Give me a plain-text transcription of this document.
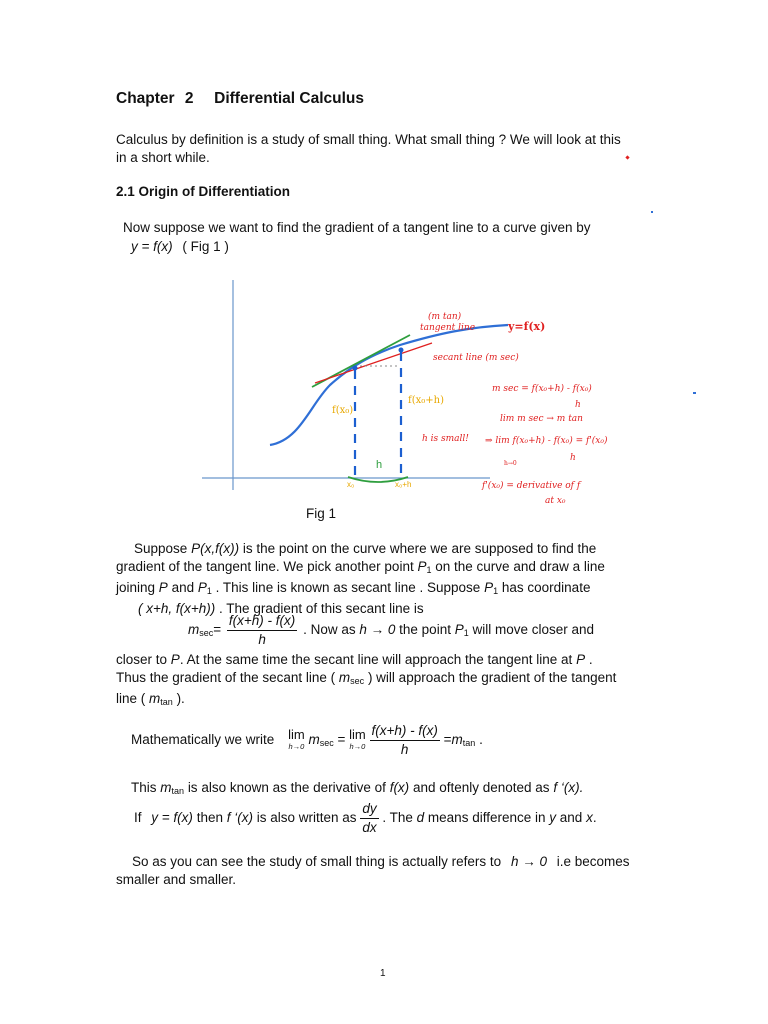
Chapter 2 Differential Calculus
Calculus by definition is a study of small thing. What small thing ? We will look at this
in a short while.
2.1 Origin of Differentiation
Now suppose we want to find the gradient of a tangent line to a curve given by
y = f(x) ( Fig 1 )
h
x₀	x₀+h
(m tan)
tangent line	y=f(x)
secant line (m sec)
f(x₀)
f(x₀+h)
m sec = f(x₀+h) - f(x₀)
h
lim m sec → m tan
h is small! ⇒ lim f(x₀+h) - f(x₀) = f'(x₀)
h→0
h
f'(x₀) = derivative of f
at x₀
Fig 1
Suppose P(x,f(x)) is the point on the curve where we are supposed to find the
gradient of the tangent line. We pick another point $P_1$ on the curve and draw a line
joining P and $P_1$ . This line is known as secant line . Suppose $P_1$ has coordinate
( x+h, f(x+h)) . The gradient of this secant line is
$m_{sec}= \frac{f(x+h) - f(x)}{h}$ . Now as h → 0 the point $P_1$ will move closer and
closer to P. At the same time the secant line will approach the tangent line at P .
Thus the gradient of the secant line ( $m_{sec}$ ) will approach the gradient of the tangent
line ( $m_{tan}$ ).
Mathematically we write lim
h→0 $m_{sec} = \lim$
h→0
$\frac{f(x+h) - f(x)}{h} =m_{tan}$ .
This $m_{tan}$ is also known as the derivative of f(x) and oftenly denoted as f ‘(x).
If y = f(x) then f ‘(x) is also written as $\frac{dy}{dx}$ . The d means difference in y and x.
So as you can see the study of small thing is actually refers to h → 0 i.e becomes
smaller and smaller.
1
